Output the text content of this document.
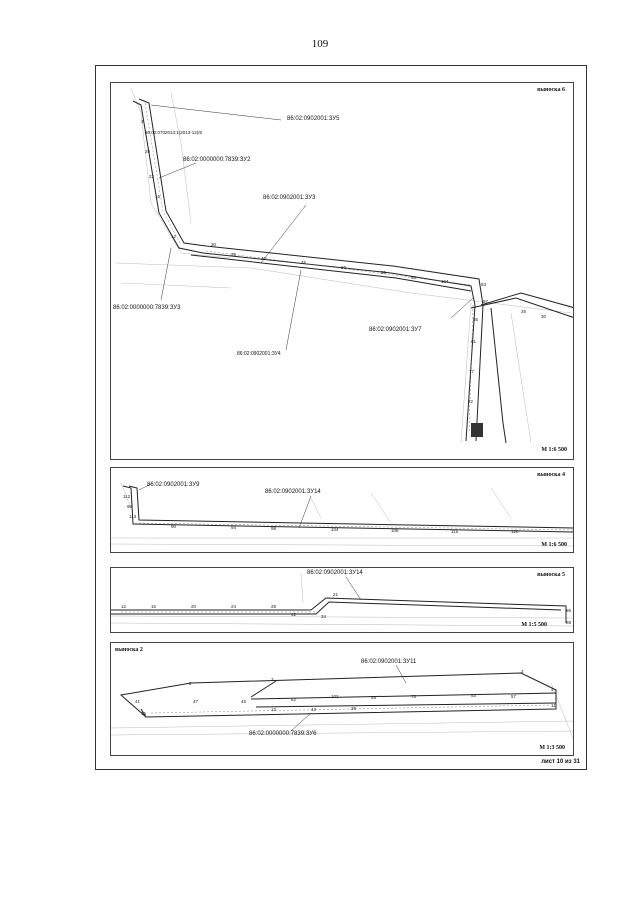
109
4
29
22
16
12
30
35
40
45
50
55
63
124
83
97
85
81
77
72
26
30
выноска 6
86:02:0902001:ЗУ5
86:02:0702013:1(2013-12)/6
86:02:0000000:7839:ЗУ2
86:02:0902001:ЗУ3
86:02:0000000:7839:ЗУ3
86:02:0902001:ЗУ7
86:02:0902001:ЗУ4
М 1:6 500
112
96
113
90	94	98	104	108	115	120
выноска 4
86:02:0902001:ЗУ9
86:02:0902001:ЗУ14
М 1:6 500
12	16	20	24	28
42
21
34
86
88
выноска 5
86:02:0902001:ЗУ14
М 1:5 500
41
16
2
47	45
3
62
102	58	75	53	57
3
4
11
12	43	39
выноска 2
86:02:0902001:ЗУ11
86:02:0000000:7839:ЗУ6
М 1:3 500
лист 10 из 31
